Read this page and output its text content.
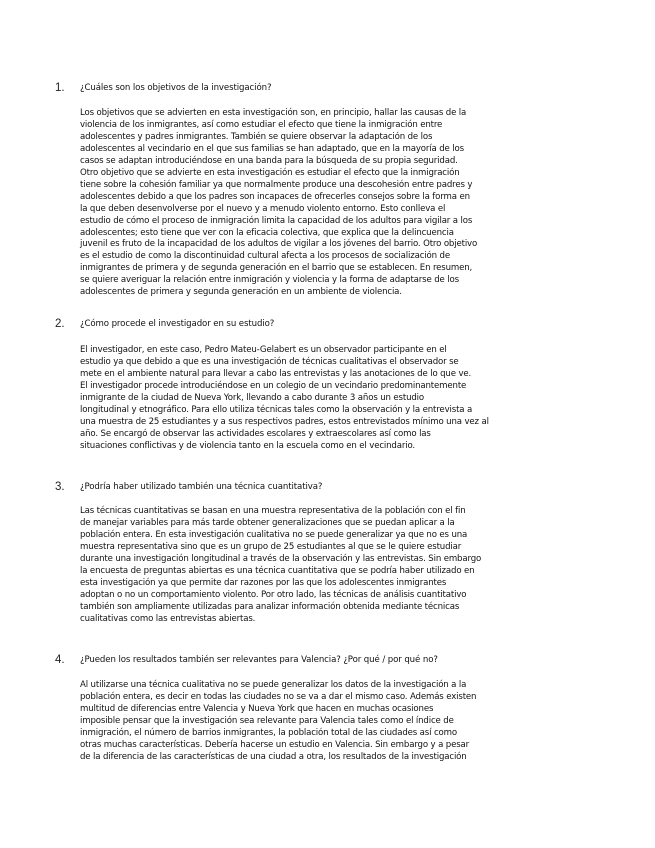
1. ¿Cuáles son los objetivos de la investigación?
Los objetivos que se advierten en esta investigación son, en principio, hallar las causas de la
violencia de los inmigrantes, así como estudiar el efecto que tiene la inmigración entre
adolescentes y padres inmigrantes. También se quiere observar la adaptación de los
adolescentes al vecindario en el que sus familias se han adaptado, que en la mayoría de los
casos se adaptan introduciéndose en una banda para la búsqueda de su propia seguridad.
Otro objetivo que se advierte en esta investigación es estudiar el efecto que la inmigración
tiene sobre la cohesión familiar ya que normalmente produce una descohesión entre padres y
adolescentes debido a que los padres son incapaces de ofrecerles consejos sobre la forma en
la que deben desenvolverse por el nuevo y a menudo violento entorno. Esto conlleva el
estudio de cómo el proceso de inmigración limita la capacidad de los adultos para vigilar a los
adolescentes; esto tiene que ver con la eficacia colectiva, que explica que la delincuencia
juvenil es fruto de la incapacidad de los adultos de vigilar a los jóvenes del barrio. Otro objetivo
es el estudio de como la discontinuidad cultural afecta a los procesos de socialización de
inmigrantes de primera y de segunda generación en el barrio que se establecen. En resumen,
se quiere averiguar la relación entre inmigración y violencia y la forma de adaptarse de los
adolescentes de primera y segunda generación en un ambiente de violencia.
2. ¿Cómo procede el investigador en su estudio?
El investigador, en este caso, Pedro Mateu-Gelabert es un observador participante en el
estudio ya que debido a que es una investigación de técnicas cualitativas el observador se
mete en el ambiente natural para llevar a cabo las entrevistas y las anotaciones de lo que ve.
El investigador procede introduciéndose en un colegio de un vecindario predominantemente
inmigrante de la ciudad de Nueva York, llevando a cabo durante 3 años un estudio
longitudinal y etnográfico. Para ello utiliza técnicas tales como la observación y la entrevista a
una muestra de 25 estudiantes y a sus respectivos padres, estos entrevistados mínimo una vez al
año. Se encargó de observar las actividades escolares y extraescolares así como las
situaciones conflictivas y de violencia tanto en la escuela como en el vecindario.
3. ¿Podría haber utilizado también una técnica cuantitativa?
Las técnicas cuantitativas se basan en una muestra representativa de la población con el fin
de manejar variables para más tarde obtener generalizaciones que se puedan aplicar a la
población entera. En esta investigación cualitativa no se puede generalizar ya que no es una
muestra representativa sino que es un grupo de 25 estudiantes al que se le quiere estudiar
durante una investigación longitudinal a través de la observación y las entrevistas. Sin embargo
la encuesta de preguntas abiertas es una técnica cuantitativa que se podría haber utilizado en
esta investigación ya que permite dar razones por las que los adolescentes inmigrantes
adoptan o no un comportamiento violento. Por otro lado, las técnicas de análisis cuantitativo
también son ampliamente utilizadas para analizar información obtenida mediante técnicas
cualitativas como las entrevistas abiertas.
4. ¿Pueden los resultados también ser relevantes para Valencia? ¿Por qué / por qué no?
Al utilizarse una técnica cualitativa no se puede generalizar los datos de la investigación a la
población entera, es decir en todas las ciudades no se va a dar el mismo caso. Además existen
multitud de diferencias entre Valencia y Nueva York que hacen en muchas ocasiones
imposible pensar que la investigación sea relevante para Valencia tales como el índice de
inmigración, el número de barrios inmigrantes, la población total de las ciudades así como
otras muchas características. Debería hacerse un estudio en Valencia. Sin embargo y a pesar
de la diferencia de las características de una ciudad a otra, los resultados de la investigación
